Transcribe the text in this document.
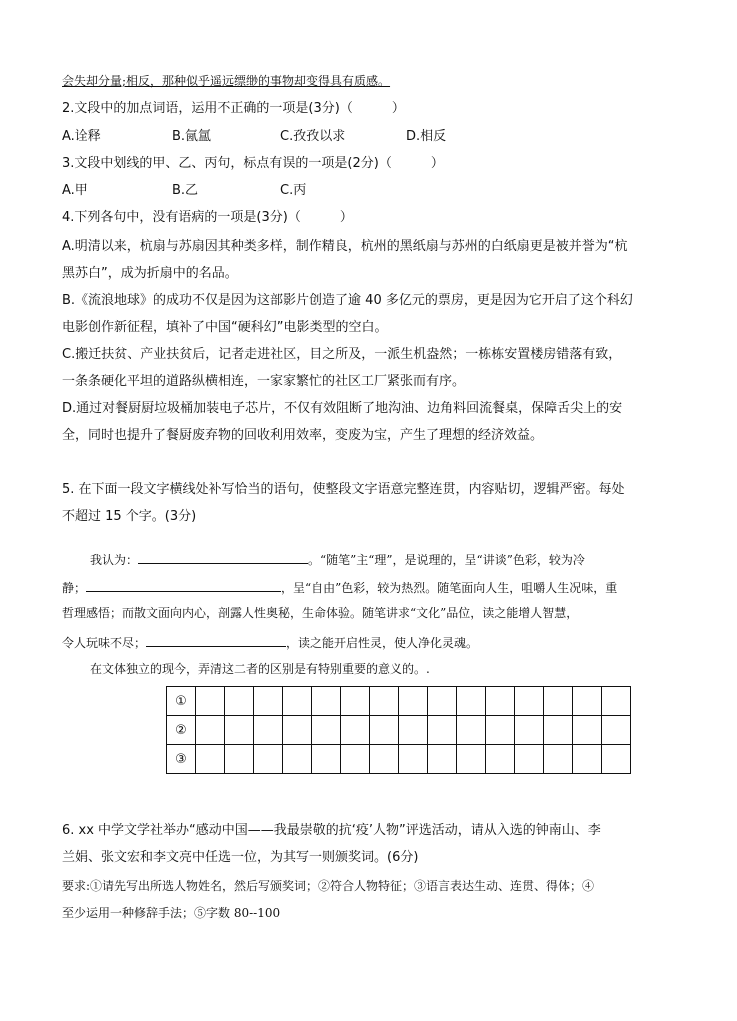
会失却分量;相反，那种似乎遥远缥缈的事物却变得具有质感。
2.文段中的加点词语，运用不正确的一项是(3分)（　　　）
A.诠释	B.氤氲	C.孜孜以求	D.相反
3.文段中划线的甲、乙、丙句，标点有误的一项是(2分)（　　　）
A.甲	B.乙	C.丙
4.下列各句中，没有语病的一项是(3分)（　　　）
A.明清以来，杭扇与苏扇因其种类多样，制作精良，杭州的黑纸扇与苏州的白纸扇更是被并誉为“杭
黑苏白”，成为折扇中的名品。
B.《流浪地球》的成功不仅是因为这部影片创造了逾 40 多亿元的票房，更是因为它开启了这个科幻
电影创作新征程，填补了中国“硬科幻”电影类型的空白。
C.搬迁扶贫、产业扶贫后，记者走进社区，目之所及，一派生机盎然；一栋栋安置楼房错落有致，
一条条硬化平坦的道路纵横相连，一家家繁忙的社区工厂紧张而有序。
D.通过对餐厨厨垃圾桶加装电子芯片，不仅有效阻断了地沟油、边角料回流餐桌，保障舌尖上的安
全，同时也提升了餐厨废弃物的回收利用效率，变废为宝，产生了理想的经济效益。
5. 在下面一段文字横线处补写恰当的语句，使整段文字语意完整连贯，内容贴切，逻辑严密。每处
不超过 15 个字。(3分)
我认为：	。“随笔”主“理”，是说理的，呈“讲谈”色彩，较为冷
静；	，呈“自由”色彩，较为热烈。随笔面向人生，咀嚼人生况味，重
哲理感悟；而散文面向内心，剖露人性奥秘，生命体验。随笔讲求“文化”品位，读之能增人智慧，
令人玩味不尽；	，读之能开启性灵，使人净化灵魂。
在文体独立的现今，弄清这二者的区别是有特别重要的意义的。.
①															
②															
③															
6. xx 中学文学社举办“感动中国——我最崇敬的抗‘疫’人物”评选活动，请从入选的钟南山、李
兰娟、张文宏和李文亮中任选一位，为其写一则颁奖词。(6分)
要求:①请先写出所选人物姓名，然后写颁奖词；②符合人物特征；③语言表达生动、连贯、得体；④
至少运用一种修辞手法；⑤字数 80--100
